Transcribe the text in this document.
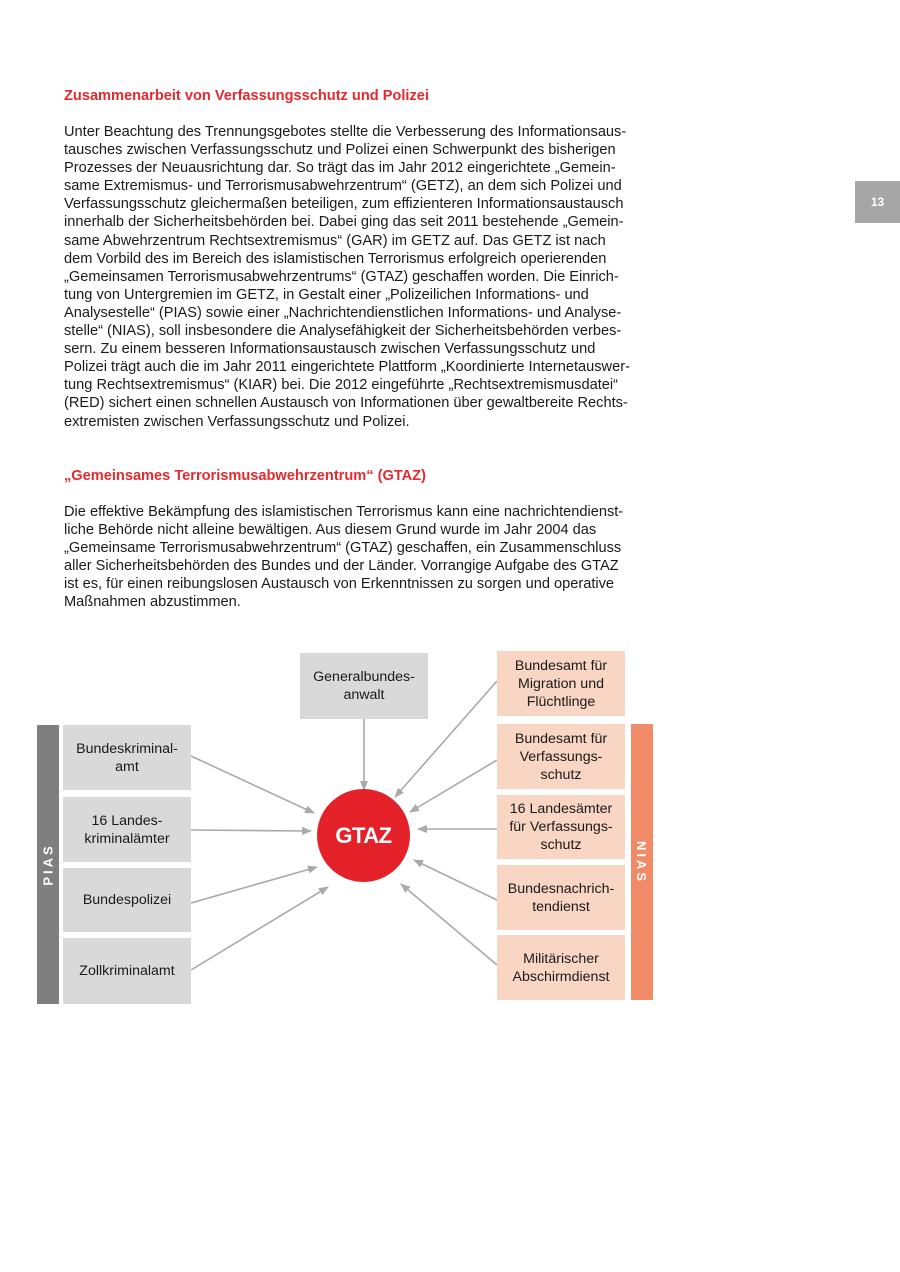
13
Zusammenarbeit von Verfassungsschutz und Polizei
Unter Beachtung des Trennungsgebotes stellte die Verbesserung des Informationsaus-
tausches zwischen Verfassungsschutz und Polizei einen Schwerpunkt des bisherigen
Prozesses der Neuausrichtung dar. So trägt das im Jahr 2012 eingerichtete „Gemein-
same Extremismus- und Terrorismusabwehrzentrum“ (GETZ), an dem sich Polizei und
Verfassungsschutz gleichermaßen beteiligen, zum effizienteren Informationsaustausch
innerhalb der Sicherheitsbehörden bei. Dabei ging das seit 2011 bestehende „Gemein-
same Abwehrzentrum Rechtsextremismus“ (GAR) im GETZ auf. Das GETZ ist nach
dem Vorbild des im Bereich des islamistischen Terrorismus erfolgreich operierenden
„Gemeinsamen Terrorismusabwehrzentrums“ (GTAZ) geschaffen worden. Die Einrich-
tung von Untergremien im GETZ, in Gestalt einer „Polizeilichen Informations- und
Analysestelle“ (PIAS) sowie einer „Nachrichtendienstlichen Informations- und Analyse-
stelle“ (NIAS), soll insbesondere die Analysefähigkeit der Sicherheitsbehörden verbes-
sern. Zu einem besseren Informationsaustausch zwischen Verfassungsschutz und
Polizei trägt auch die im Jahr 2011 eingerichtete Plattform „Koordinierte Internetauswer-
tung Rechtsextremismus“ (KIAR) bei. Die 2012 eingeführte „Rechtsextremismusdatei“
(RED) sichert einen schnellen Austausch von Informationen über gewaltbereite Rechts-
extremisten zwischen Verfassungsschutz und Polizei.
„Gemeinsames Terrorismusabwehrzentrum“ (GTAZ)
Die effektive Bekämpfung des islamistischen Terrorismus kann eine nachrichtendienst-
liche Behörde nicht alleine bewältigen. Aus diesem Grund wurde im Jahr 2004 das
„Gemeinsame Terrorismusabwehrzentrum“ (GTAZ) geschaffen, ein Zusammenschluss
aller Sicherheitsbehörden des Bundes und der Länder. Vorrangige Aufgabe des GTAZ
ist es, für einen reibungslosen Austausch von Erkenntnissen zu sorgen und operative
Maßnahmen abzustimmen.
Generalbundes-
anwalt
PIAS
Bundeskriminal-
amt
16 Landes-
kriminalämter
Bundespolizei
Zollkriminalamt
GTAZ
Bundesamt für
Migration und
Flüchtlinge
Bundesamt für
Verfassungs-
schutz
16 Landesämter
für Verfassungs-
schutz
Bundesnachrich-
tendienst
Militärischer
Abschirmdienst
NIAS
